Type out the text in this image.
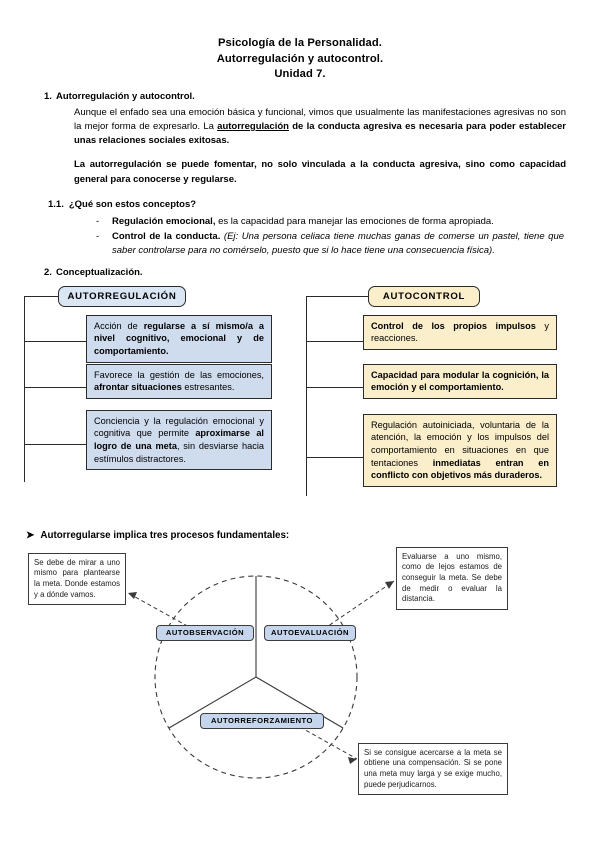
Psicología de la Personalidad.
Autorregulación y autocontrol.
Unidad 7.
1. Autorregulación y autocontrol.
Aunque el enfado sea una emoción básica y funcional, vimos que usualmente las manifestaciones agresivas no son la mejor forma de expresarlo. La autorregulación de la conducta agresiva es necesaria para poder establecer unas relaciones sociales exitosas.
La autorregulación se puede fomentar, no solo vinculada a la conducta agresiva, sino como capacidad general para conocerse y regularse.
1.1. ¿Qué son estos conceptos?
-	Regulación emocional, es la capacidad para manejar las emociones de forma apropiada.
-	Control de la conducta. (Ej: Una persona celiaca tiene muchas ganas de comerse un pastel, tiene que saber controlarse para no comérselo, puesto que si lo hace tiene una consecuencia física).
2. Conceptualización.
AUTORREGULACIÓN	AUTOCONTROL
Acción de regularse a sí mismo/a a nivel cognitivo, emocional y de comportamiento.
Favorece la gestión de las emociones, afrontar situaciones estresantes.
Conciencia y la regulación emocional y cognitiva que permite aproximarse al logro de una meta, sin desviarse hacia estímulos distractores.
Control de los propios impulsos y reacciones.
Capacidad para modular la cognición, la emoción y el comportamiento.
Regulación autoiniciada, voluntaria de la atención, la emoción y los impulsos del comportamiento en situaciones en que tentaciones inmediatas entran en conflicto con objetivos más duraderos.
➤ Autorregularse implica tres procesos fundamentales:
AUTOBSERVACIÓN	AUTOEVALUACIÓN
AUTORREFORZAMIENTO
Se debe de mirar a uno mismo para plantearse la meta. Donde estamos y a dónde vamos.
Evaluarse a uno mismo, como de lejos estamos de conseguir la meta. Se debe de medir o evaluar la distancia.
Si se consigue acercarse a la meta se obtiene una compensación. Si se pone una meta muy larga y se exige mucho, puede perjudicarnos.
